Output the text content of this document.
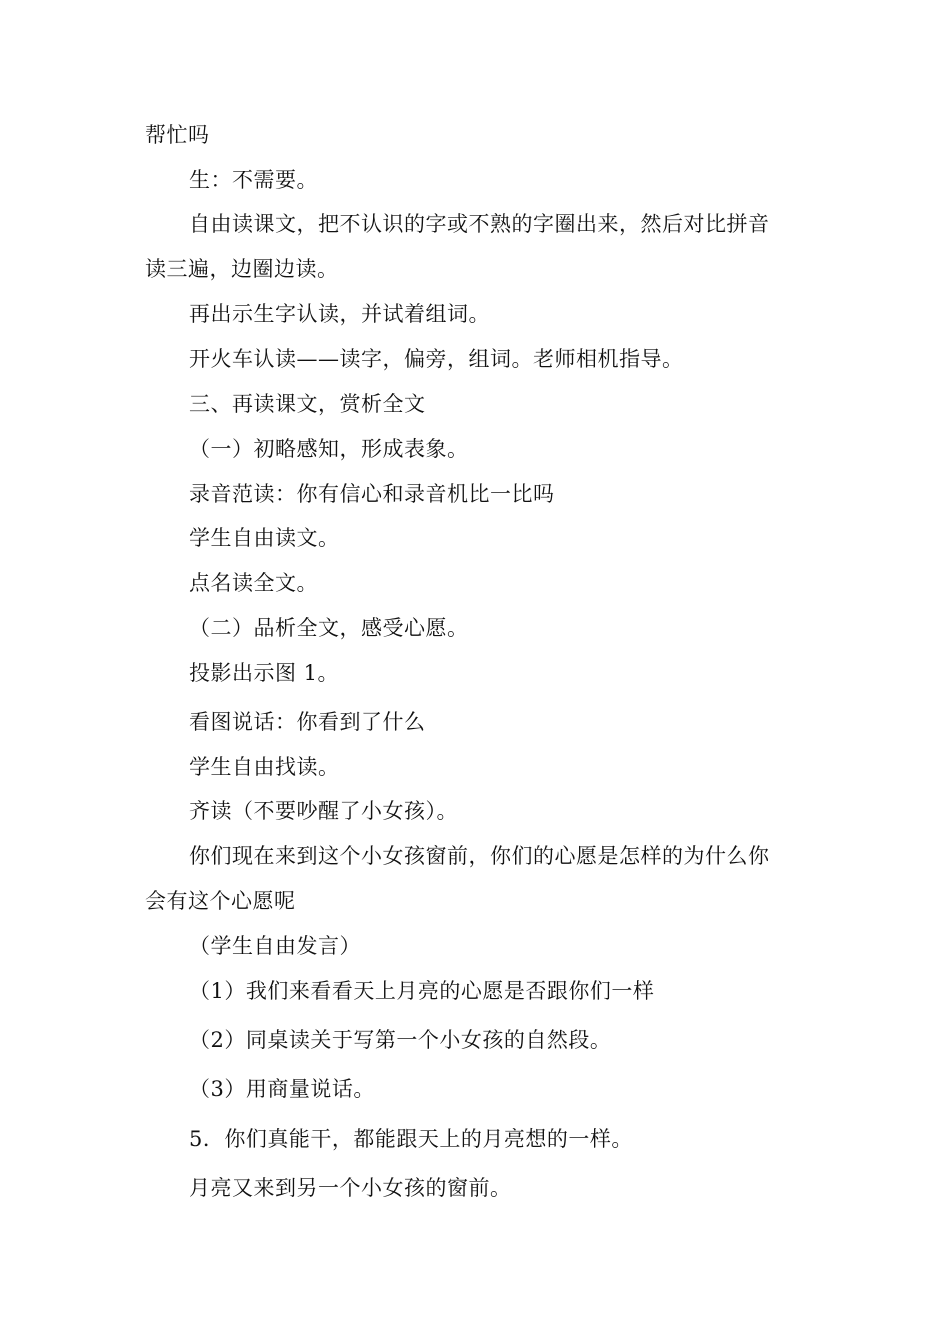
帮忙吗
生：不需要。
自由读课文，把不认识的字或不熟的字圈出来，然后对比拼音
读三遍，边圈边读。
再出示生字认读，并试着组词。
开火车认读——读字，偏旁，组词。老师相机指导。
三、再读课文，赏析全文
（一）初略感知，形成表象。
录音范读：你有信心和录音机比一比吗
学生自由读文。
点名读全文。
（二）品析全文，感受心愿。
投影出示图 1。
看图说话：你看到了什么
学生自由找读。
齐读（不要吵醒了小女孩）。
你们现在来到这个小女孩窗前，你们的心愿是怎样的为什么你
会有这个心愿呢
（学生自由发言）
（1）我们来看看天上月亮的心愿是否跟你们一样
（2）同桌读关于写第一个小女孩的自然段。
（3）用商量说话。
5．你们真能干，都能跟天上的月亮想的一样。
月亮又来到另一个小女孩的窗前。
